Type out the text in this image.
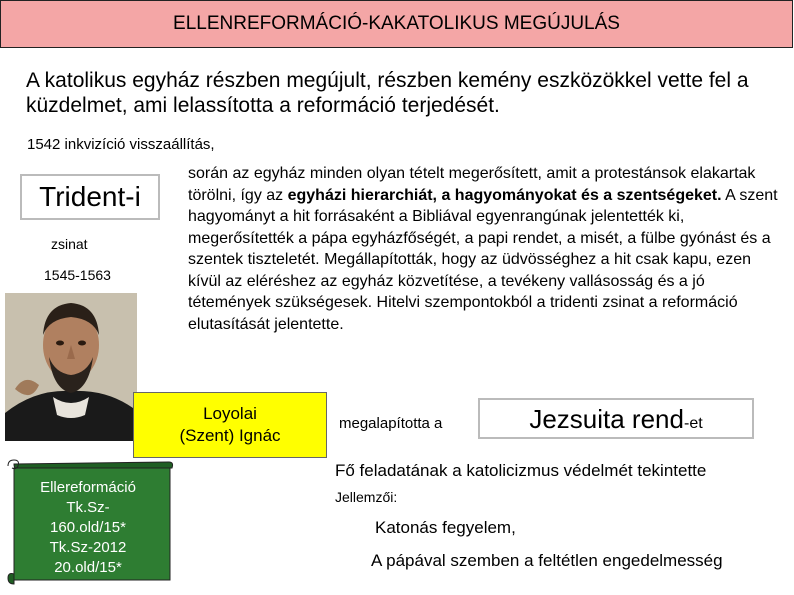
ELLENREFORMÁCIÓ-KAKATOLIKUS MEGÚJULÁS
A katolikus egyház részben megújult, részben kemény eszközökkel vette fel a küzdelmet, ami lelassította a reformáció terjedését.
1542 inkvizíció visszaállítás,
Trident-i
zsinat
1545-1563
során az egyház minden olyan tételt megerősített, amit a protestánsok elakartak törölni, így az egyházi hierarchiát, a hagyományokat és a szentségeket. A szent hagyományt a hit forrásaként a Bibliával egyenrangúnak jelentették ki, megerősítették a pápa egyházfőségét, a papi rendet, a misét, a fülbe gyónást és a szentek tiszteletét. Megállapították, hogy az üdvösséghez a hit csak kapu, ezen kívül az eléréshez az egyház közvetítése, a tevékeny vallásosság és a jó tétemények szükségesek. Hitelvi szempontokból a tridenti zsinat a reformáció elutasítását jelentette.
Loyolai
(Szent) Ignác
megalapította a	Jezsuita rend -et
Fő feladatának a katolicizmus védelmét tekintette
Jellemzői:
Katonás fegyelem,
A pápával szemben a feltétlen engedelmesség
Ellereformáció
Tk.Sz-
160.old/15*
Tk.Sz-2012
20.old/15*
